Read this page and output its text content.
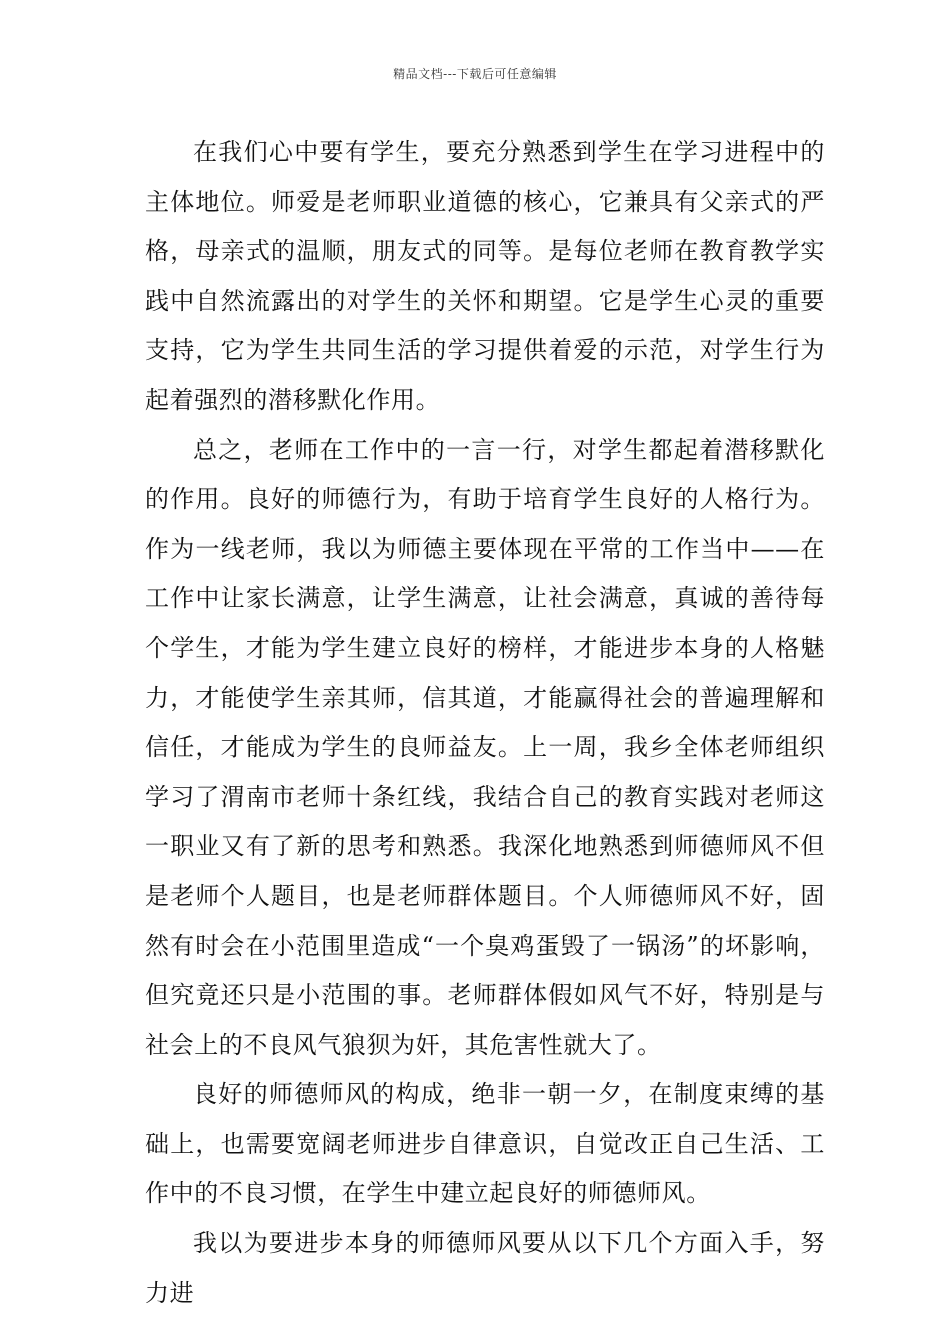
精品文档---下载后可任意编辑

在我们心中要有学生，要充分熟悉到学生在学习进程中的主体地位。师爱是老师职业道德的核心，它兼具有父亲式的严格，母亲式的温顺，朋友式的同等。是每位老师在教育教学实践中自然流露出的对学生的关怀和期望。它是学生心灵的重要支持，它为学生共同生活的学习提供着爱的示范，对学生行为起着强烈的潜移默化作用。

总之，老师在工作中的一言一行，对学生都起着潜移默化的作用。良好的师德行为，有助于培育学生良好的人格行为。作为一线老师，我以为师德主要体现在平常的工作当中——在工作中让家长满意，让学生满意，让社会满意，真诚的善待每个学生，才能为学生建立良好的榜样，才能进步本身的人格魅力，才能使学生亲其师，信其道，才能赢得社会的普遍理解和信任，才能成为学生的良师益友。上一周，我乡全体老师组织学习了渭南市老师十条红线，我结合自己的教育实践对老师这一职业又有了新的思考和熟悉。我深化地熟悉到师德师风不但是老师个人题目，也是老师群体题目。个人师德师风不好，固然有时会在小范围里造成“一个臭鸡蛋毁了一锅汤”的坏影响，但究竟还只是小范围的事。老师群体假如风气不好，特别是与社会上的不良风气狼狈为奸，其危害性就大了。

良好的师德师风的构成，绝非一朝一夕，在制度束缚的基础上，也需要宽阔老师进步自律意识，自觉改正自己生活、工作中的不良习惯，在学生中建立起良好的师德师风。

我以为要进步本身的师德师风要从以下几个方面入手，努力进
